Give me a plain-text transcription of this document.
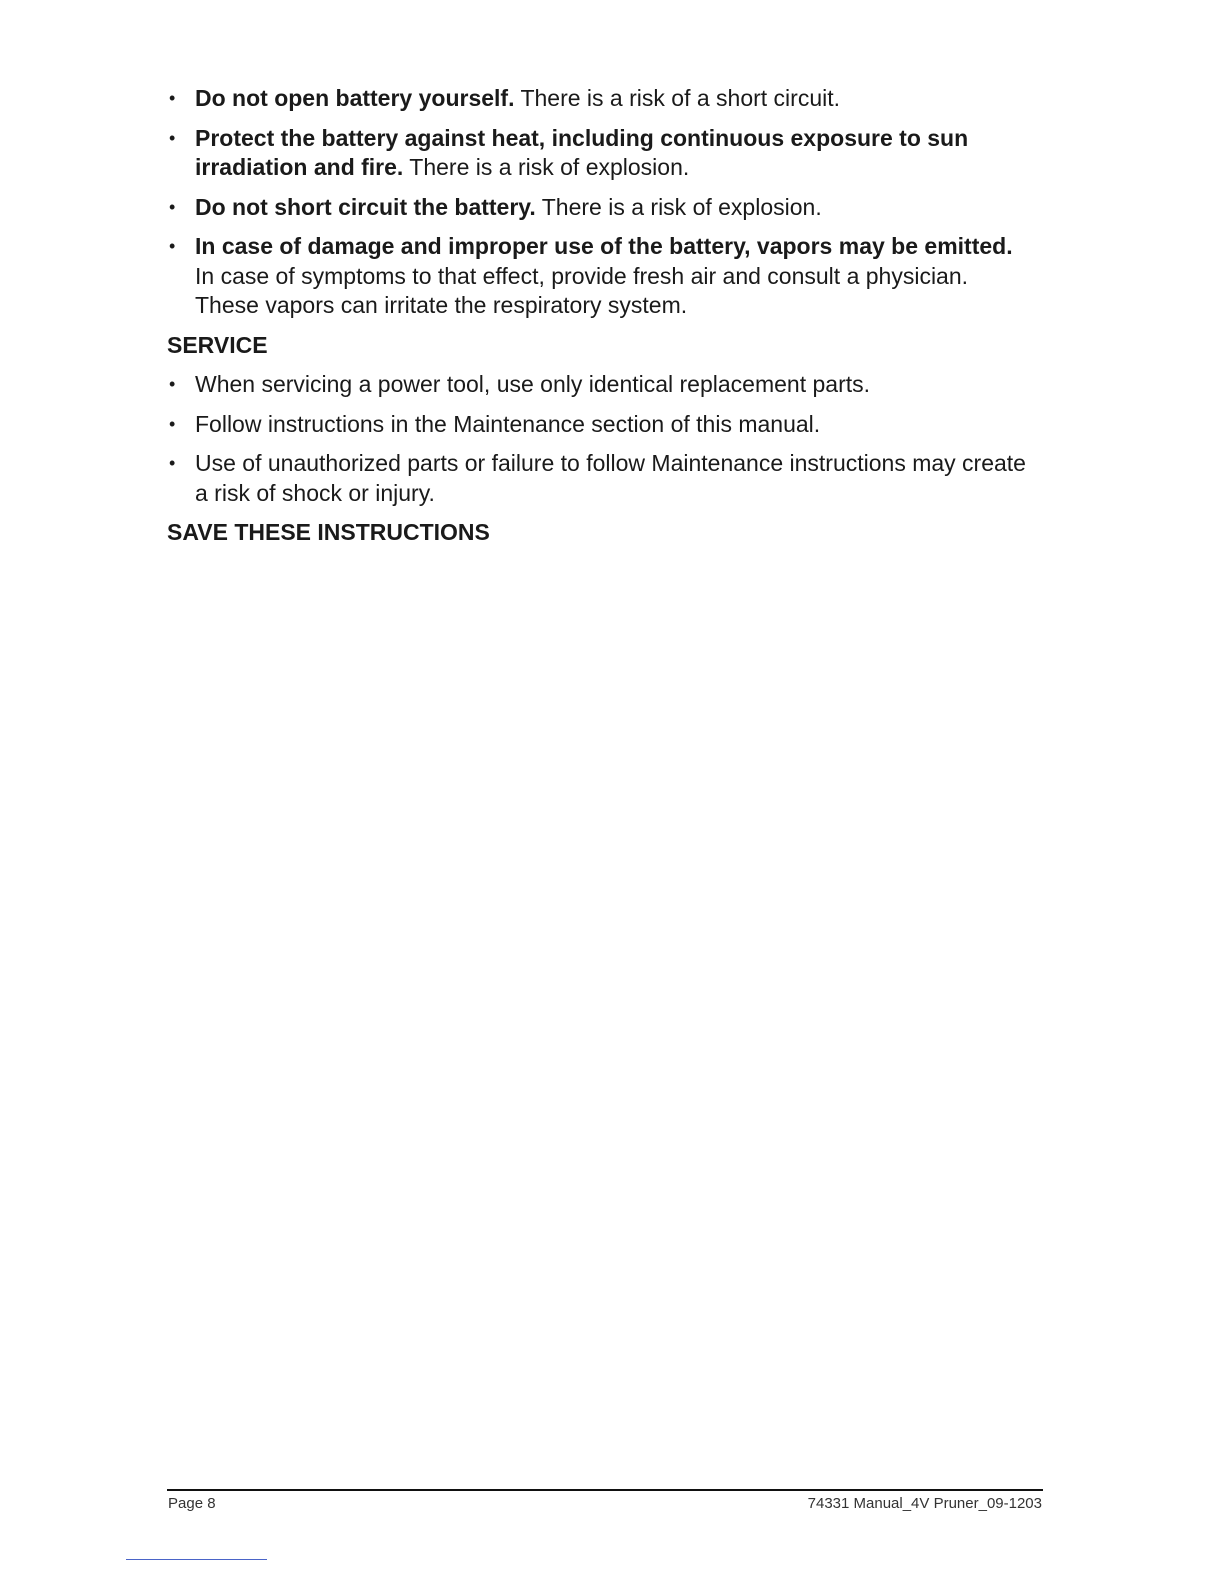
• Do not open battery yourself. There is a risk of a short circuit.
• Protect the battery against heat, including continuous exposure to sun irradiation and fire. There is a risk of explosion.
• Do not short circuit the battery. There is a risk of explosion.
• In case of damage and improper use of the battery, vapors may be emitted. In case of symptoms to that effect, provide fresh air and consult a physician. These vapors can irritate the respiratory system.
SERVICE
• When servicing a power tool, use only identical replacement parts.
• Follow instructions in the Maintenance section of this manual.
• Use of unauthorized parts or failure to follow Maintenance instructions may create a risk of shock or injury.
SAVE THESE INSTRUCTIONS
Page 8	74331 Manual_4V Pruner_09-1203
